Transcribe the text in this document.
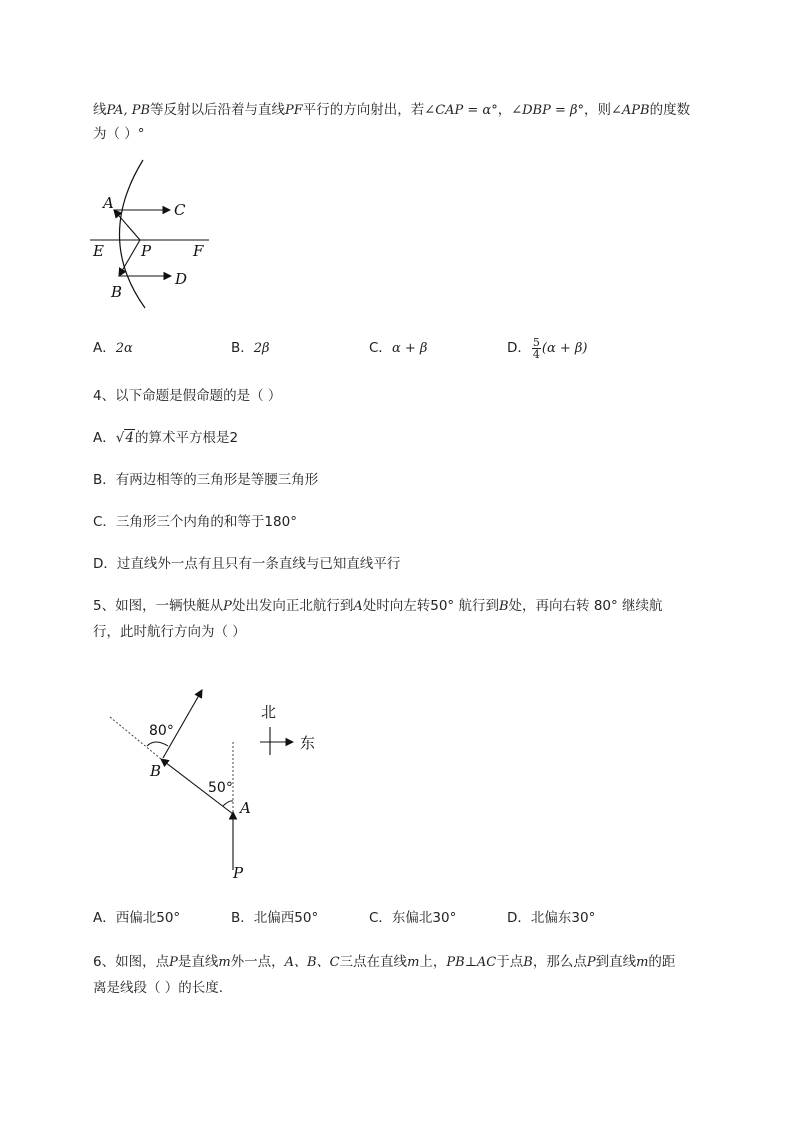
线PA, PB等反射以后沿着与直线PF平行的方向射出，若∠CAP = α°，∠DBP = β°，则∠APB的度数
为（ ）°
A	C
E P	F
B
D
A．2α	B．2β	C．α + β	D． $\frac{5}{4} (\alpha + \beta)$
4、以下命题是假命题的是（ ）
A．√4的算术平方根是2
B．有两边相等的三角形是等腰三角形
C．三角形三个内角的和等于180°
D．过直线外一点有且只有一条直线与已知直线平行
5、如图，一辆快艇从P处出发向正北航行到A处时向左转50° 航行到B处，再向右转 80° 继续航
行，此时航行方向为（ ）
80°
50°
B
A
P
北
东
A．西偏北50°	B．北偏西50°	C．东偏北30°	D．北偏东30°
6、如图，点P是直线m外一点，A、B、C三点在直线m上，PB⊥AC于点B，那么点P到直线m的距
离是线段（ ）的长度.
